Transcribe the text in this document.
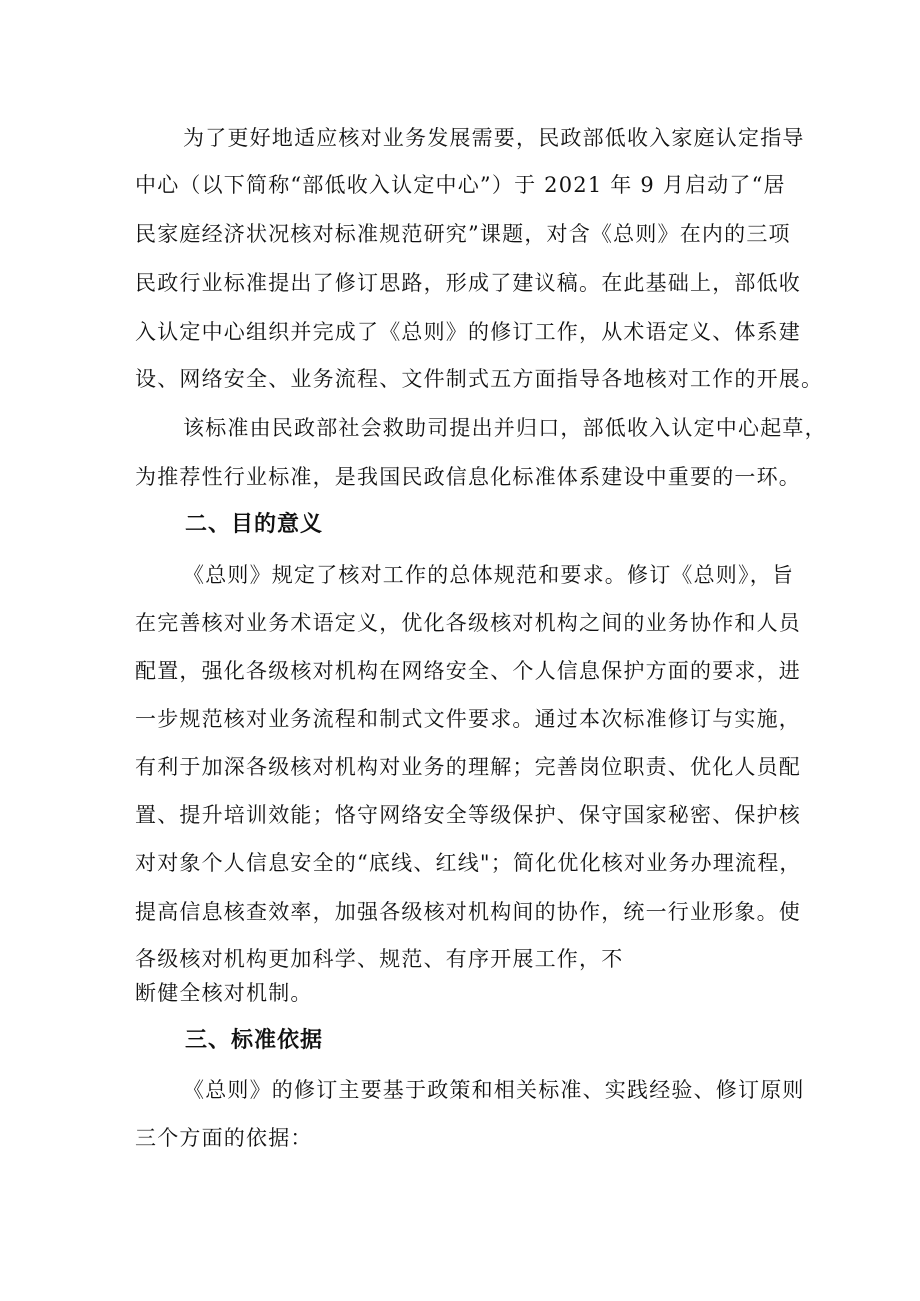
为了更好地适应核对业务发展需要，民政部低收入家庭认定指导
中心（以下简称“部低收入认定中心”）于 2021 年 9 月启动了“居
民家庭经济状况核对标准规范研究”课题，对含《总则》在内的三项
民政行业标准提出了修订思路，形成了建议稿。在此基础上，部低收
入认定中心组织并完成了《总则》的修订工作，从术语定义、体系建
设、网络安全、业务流程、文件制式五方面指导各地核对工作的开展。
该标准由民政部社会救助司提出并归口，部低收入认定中心起草，
为推荐性行业标准，是我国民政信息化标准体系建设中重要的一环。
二、目的意义
《总则》规定了核对工作的总体规范和要求。修订《总则》，旨
在完善核对业务术语定义，优化各级核对机构之间的业务协作和人员
配置，强化各级核对机构在网络安全、个人信息保护方面的要求，进
一步规范核对业务流程和制式文件要求。通过本次标准修订与实施，
有利于加深各级核对机构对业务的理解；完善岗位职责、优化人员配
置、提升培训效能；恪守网络安全等级保护、保守国家秘密、保护核
对对象个人信息安全的“底线、红线"；简化优化核对业务办理流程，
提高信息核查效率，加强各级核对机构间的协作，统一行业形象。使
各级核对机构更加科学、规范、有序开展工作，不
断健全核对机制。
三、标准依据
《总则》的修订主要基于政策和相关标准、实践经验、修订原则
三个方面的依据：
